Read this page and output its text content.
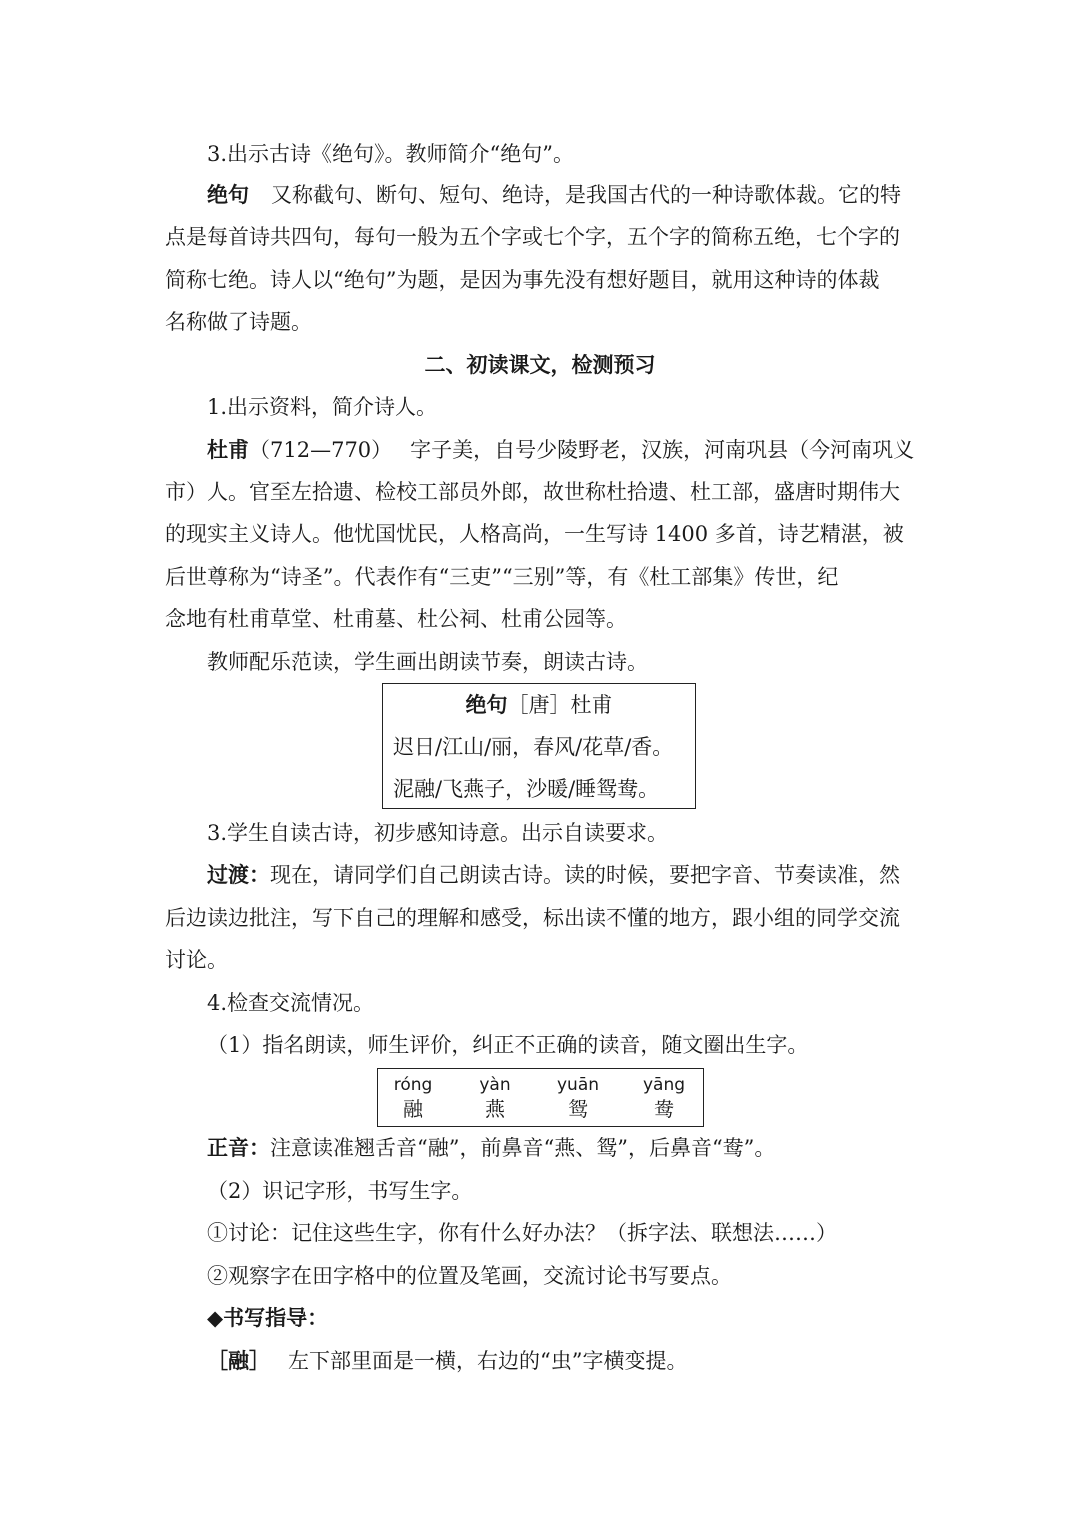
3.出示古诗《绝句》。教师简介“绝句”。
绝句 又称截句、断句、短句、绝诗，是我国古代的一种诗歌体裁。它的特
点是每首诗共四句，每句一般为五个字或七个字，五个字的简称五绝，七个字的
简称七绝。诗人以“绝句”为题，是因为事先没有想好题目，就用这种诗的体裁
名称做了诗题。
二、初读课文，检测预习
1.出示资料，简介诗人。
杜甫（712—770） 字子美，自号少陵野老，汉族，河南巩县（今河南巩义
市）人。官至左拾遗、检校工部员外郎，故世称杜拾遗、杜工部，盛唐时期伟大
的现实主义诗人。他忧国忧民，人格高尚，一生写诗 1400 多首，诗艺精湛，被
后世尊称为“诗圣”。代表作有“三吏”“三别”等，有《杜工部集》传世，纪
念地有杜甫草堂、杜甫墓、杜公祠、杜甫公园等。
教师配乐范读，学生画出朗读节奏，朗读古诗。
绝句［唐］杜甫
迟日/江山/丽，春风/花草/香。
泥融/飞燕子，沙暖/睡鸳鸯。
3.学生自读古诗，初步感知诗意。出示自读要求。
过渡：现在，请同学们自己朗读古诗。读的时候，要把字音、节奏读准，然
后边读边批注，写下自己的理解和感受，标出读不懂的地方，跟小组的同学交流
讨论。
4.检查交流情况。
（1）指名朗读，师生评价，纠正不正确的读音，随文圈出生字。
róng
融
yàn
燕
yuān
鸳
yāng
鸯
正音：注意读准翘舌音“融”，前鼻音“燕、鸳”，后鼻音“鸯”。
（2）识记字形，书写生字。
①讨论：记住这些生字，你有什么好办法？（拆字法、联想法……）
②观察字在田字格中的位置及笔画，交流讨论书写要点。
◆书写指导：
［融］ 左下部里面是一横，右边的“虫”字横变提。
